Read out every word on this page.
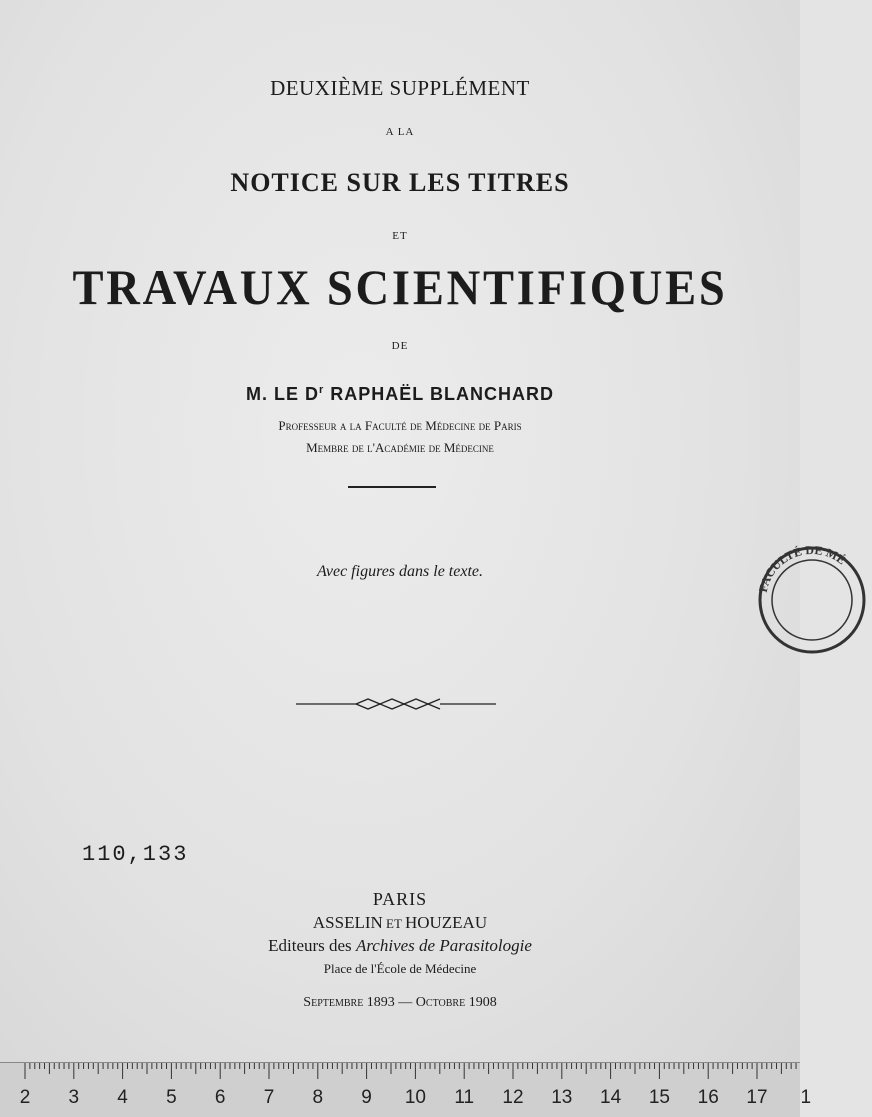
DEUXIÈME SUPPLÉMENT
A LA
NOTICE SUR LES TITRES
ET
TRAVAUX SCIENTIFIQUES
DE
M. LE $D^r$ RAPHAËL BLANCHARD
Professeur a la Faculté de Médecine de Paris
Membre de l'Académie de Médecine
Avec figures dans le texte.
110,133
PARIS
ASSELIN ET HOUZEAU
Editeurs des Archives de Parasitologie
Place de l'École de Médecine
Septembre 1893 — Octobre 1908
FACULTÉ DE MÉ
2 3 4 5 6 7 8 9 10 11 12 13 14 15 16 17 1
